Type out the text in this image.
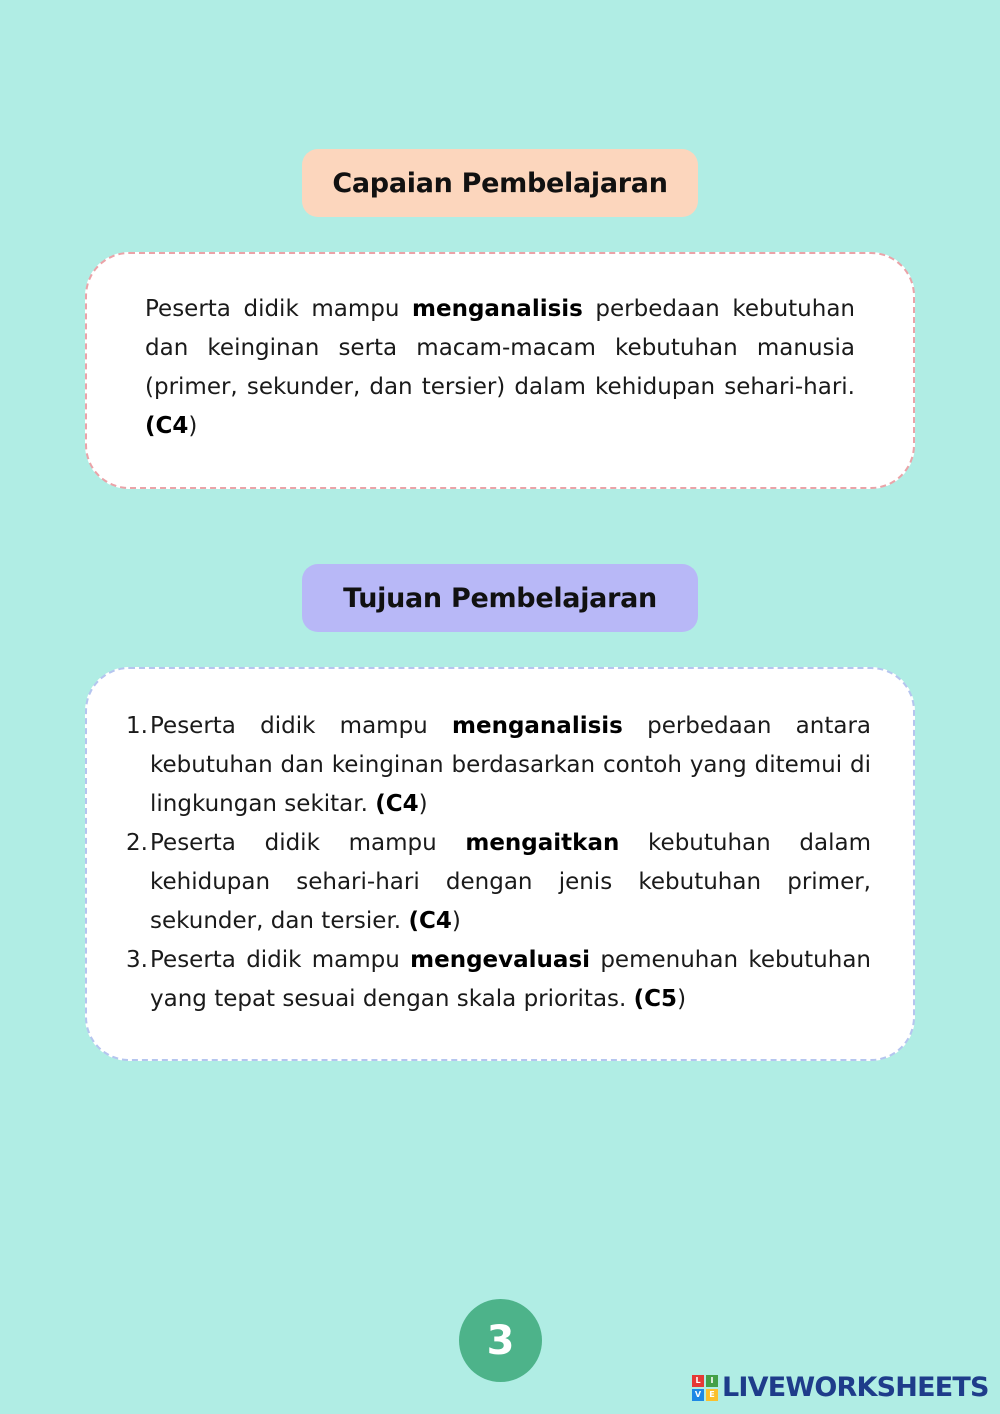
Capaian Pembelajaran

Peserta didik mampu menganalisis perbedaan kebutuhan dan keinginan serta macam-macam kebutuhan manusia (primer, sekunder, dan tersier) dalam kehidupan sehari-hari. (C4)

Tujuan Pembelajaran
1. Peserta didik mampu menganalisis perbedaan antara kebutuhan dan keinginan berdasarkan contoh yang ditemui di lingkungan sekitar. (C4)
2. Peserta didik mampu mengaitkan kebutuhan dalam kehidupan sehari-hari dengan jenis kebutuhan primer, sekunder, dan tersier. (C4)
3. Peserta didik mampu mengevaluasi pemenuhan kebutuhan yang tepat sesuai dengan skala prioritas. (C5)
3
L	I
V	E LIVEWORKSHEETS
